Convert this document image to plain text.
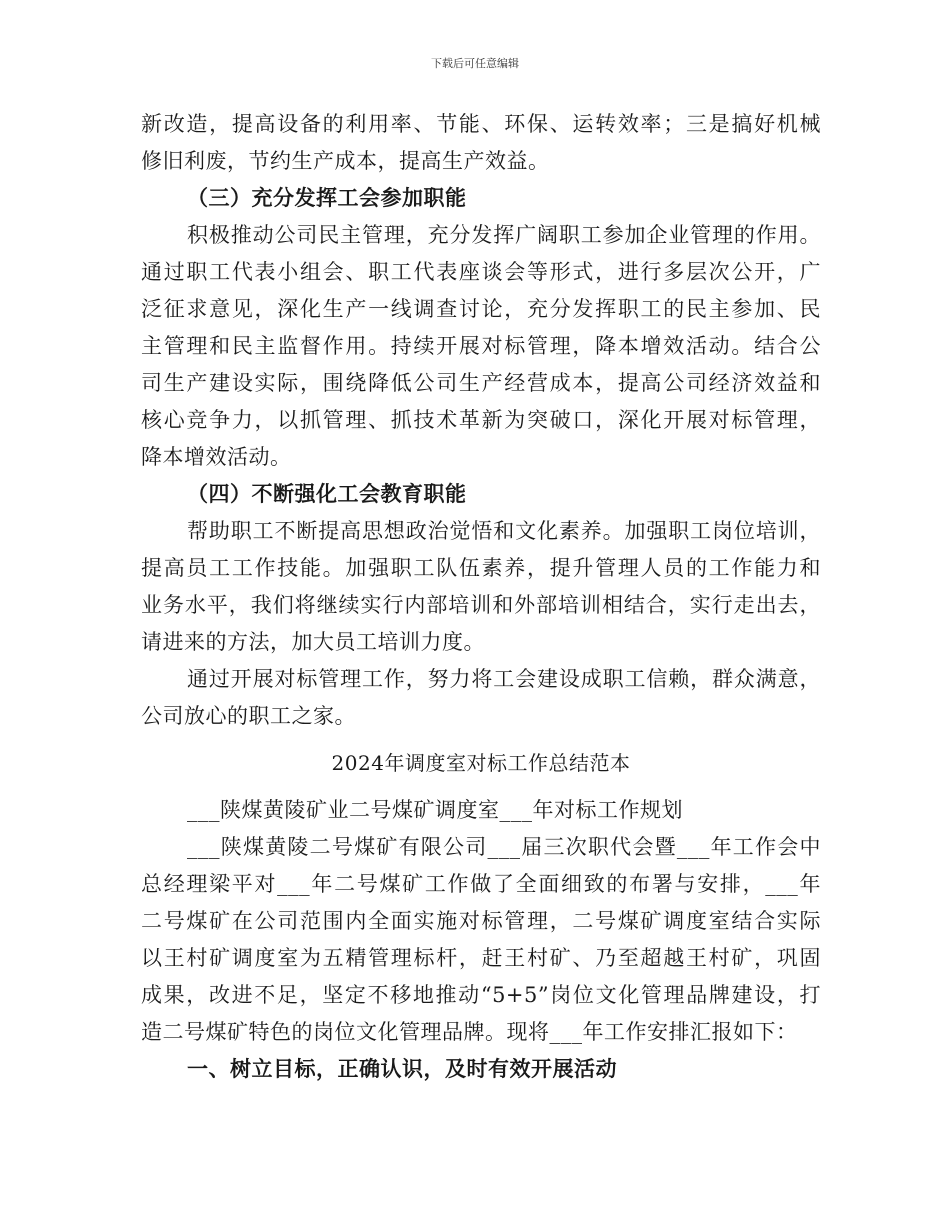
下载后可任意编辑
新改造，提高设备的利用率、节能、环保、运转效率；三是搞好机械
修旧利废，节约生产成本，提高生产效益。
（三）充分发挥工会参加职能
积极推动公司民主管理，充分发挥广阔职工参加企业管理的作用。
通过职工代表小组会、职工代表座谈会等形式，进行多层次公开，广
泛征求意见，深化生产一线调查讨论，充分发挥职工的民主参加、民
主管理和民主监督作用。持续开展对标管理，降本增效活动。结合公
司生产建设实际，围绕降低公司生产经营成本，提高公司经济效益和
核心竞争力，以抓管理、抓技术革新为突破口，深化开展对标管理，
降本增效活动。
（四）不断强化工会教育职能
帮助职工不断提高思想政治觉悟和文化素养。加强职工岗位培训，
提高员工工作技能。加强职工队伍素养，提升管理人员的工作能力和
业务水平，我们将继续实行内部培训和外部培训相结合，实行走出去，
请进来的方法，加大员工培训力度。
通过开展对标管理工作，努力将工会建设成职工信赖，群众满意，
公司放心的职工之家。
2024年调度室对标工作总结范本
___陕煤黄陵矿业二号煤矿调度室___年对标工作规划
___陕煤黄陵二号煤矿有限公司___届三次职代会暨___年工作会中
总经理梁平对___年二号煤矿工作做了全面细致的布署与安排，___年
二号煤矿在公司范围内全面实施对标管理，二号煤矿调度室结合实际
以王村矿调度室为五精管理标杆，赶王村矿、乃至超越王村矿，巩固
成果，改进不足，坚定不移地推动“5+5”岗位文化管理品牌建设，打
造二号煤矿特色的岗位文化管理品牌。现将___年工作安排汇报如下：
一、树立目标，正确认识，及时有效开展活动
